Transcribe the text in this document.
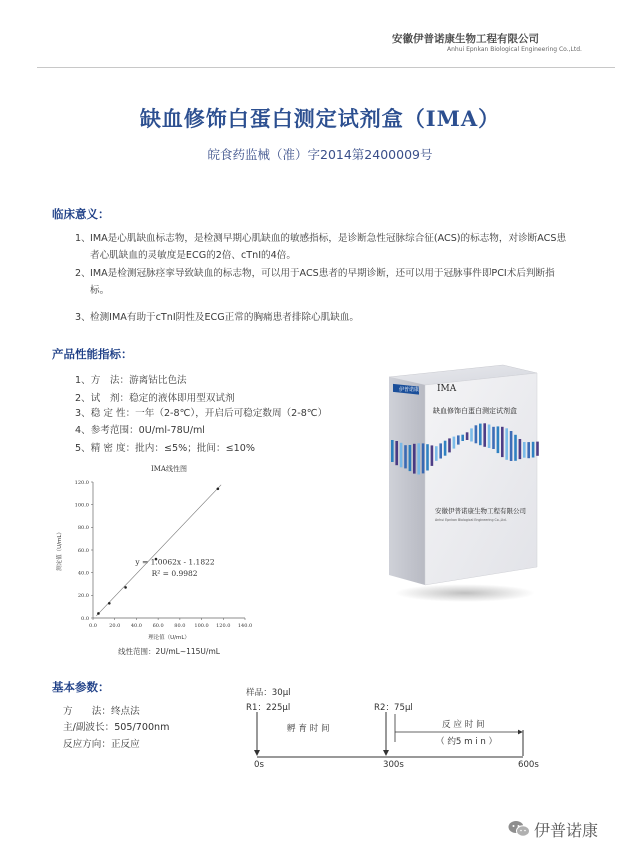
安徽伊普诺康生物工程有限公司
Anhui Epnkan Biological Engineering Co.,Ltd.
缺血修饰白蛋白测定试剂盒（IMA）
皖食药监械（准）字2014第2400009号
临床意义：
1、 IMA是心肌缺血标志物，是检测早期心肌缺血的敏感指标，是诊断急性冠脉综合征(ACS)的标志物，对诊断ACS患
者心肌缺血的灵敏度是ECG的2倍、cTnI的4倍。
2、 IMA是检测冠脉痉挛导致缺血的标志物，可以用于ACS患者的早期诊断，还可以用于冠脉事件即PCI术后判断指
标。
3、 检测IMA有助于cTnI阴性及ECG正常的胸痛患者排除心肌缺血。
产品性能指标：
1、方　法：游离钴比色法
2、试　剂：稳定的液体即用型双试剂
3、稳 定 性：一年（2-8℃），开启后可稳定数周（2-8℃）
4、参考范围：0U/ml-78U/ml
5、精 密 度：批内：≤5%；批间：≤10%
IMA线性图
0.0 20.0 40.0 60.0 80.0 100.0 120.0 140.0
0.0
20.0
40.0
60.0
80.0
100.0
120.0
y = 1.0062x - 1.1822
R² = 0.9982
理论值（U/mL）
测定值（U/mL）
线性范围：2U/mL~115U/mL
IMA
伊普诺康
缺血修饰白蛋白测定试剂盒
安徽伊普诺康生物工程有限公司
Anhui Epnkan Biological Engineering Co.,Ltd.
基本参数：
方　　法：终点法
主/副波长：505/700nm
反应方向：正反应
样品：30μl
R1：225μl	R2：75μl
孵 育 时 间	反 应 时 间
（ 约5 m i n ）
0s	300s	600s
伊普诺康
